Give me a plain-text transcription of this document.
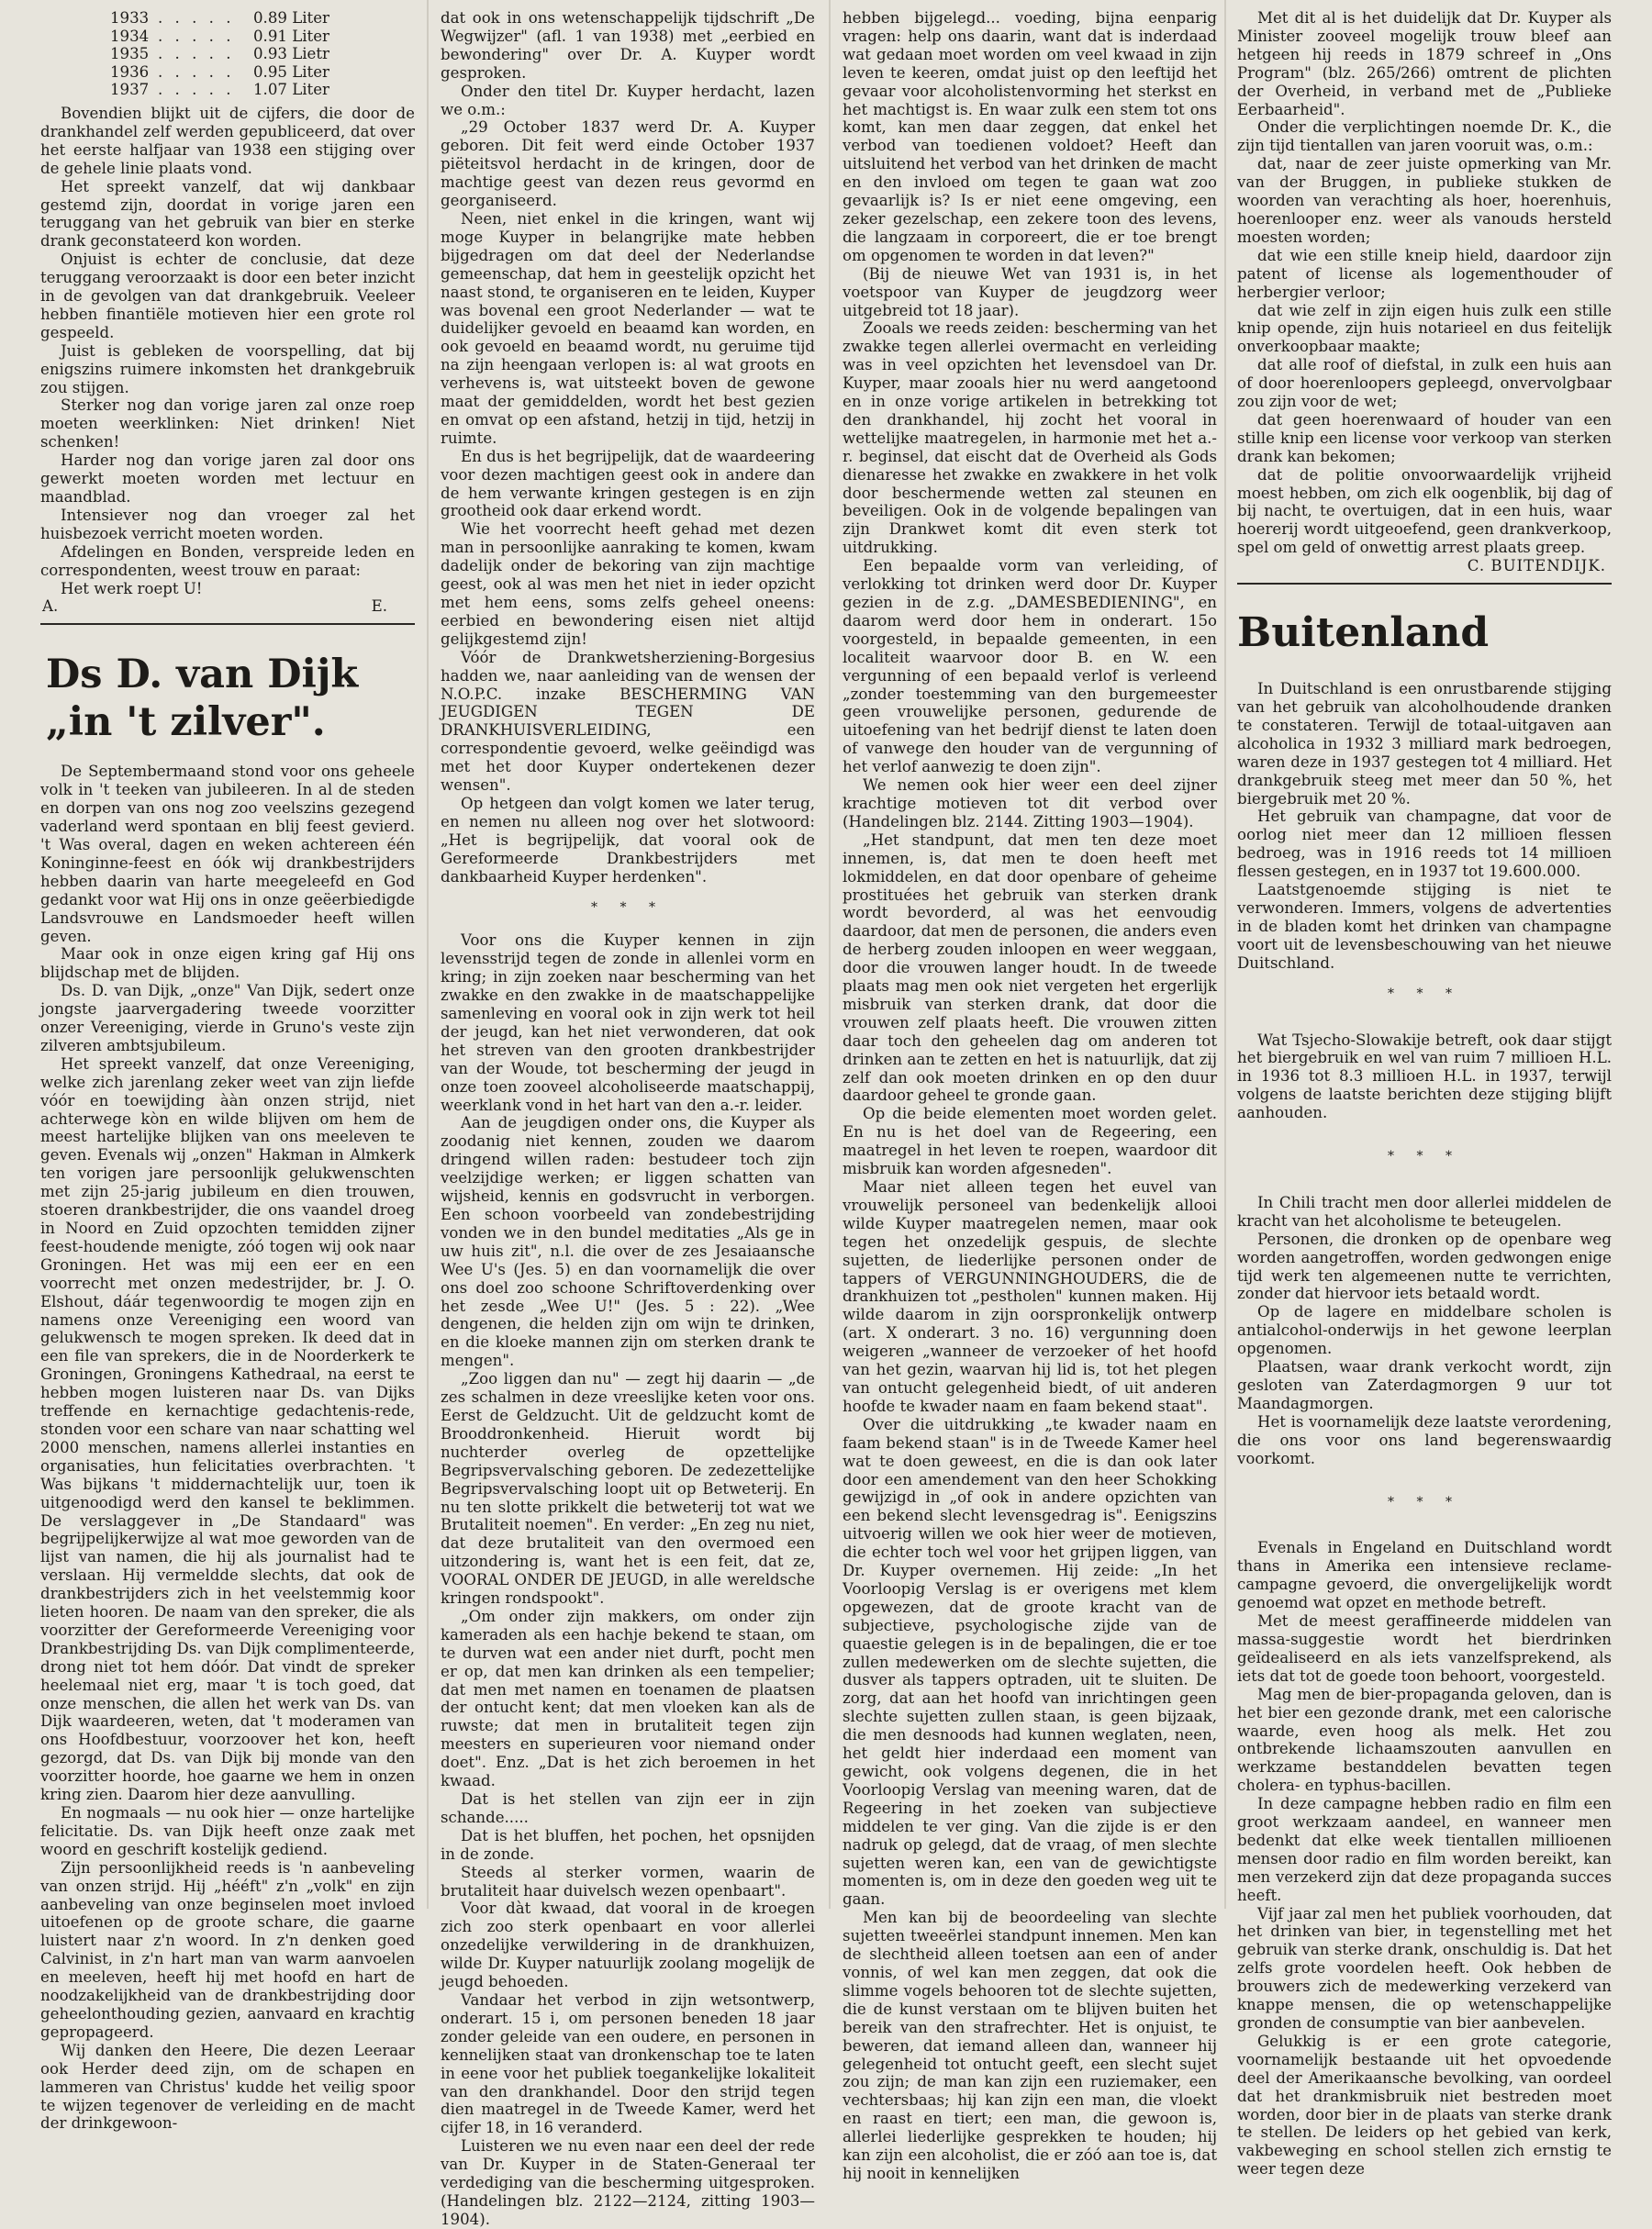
1933 . . . . .	0.89 Liter
1934 . . . . .	0.91 Liter
1935 . . . . .	0.93 Lietr
1936 . . . . .	0.95 Liter
1937 . . . . .	1.07 Liter

Bovendien blijkt uit de cijfers, die door de drankhandel zelf werden gepubliceerd, dat over het eerste halfjaar van 1938 een stijging over de gehele linie plaats vond.

Het spreekt vanzelf, dat wij dankbaar gestemd zijn, doordat in vorige jaren een teruggang van het gebruik van bier en sterke drank geconstateerd kon worden.

Onjuist is echter de conclusie, dat deze teruggang veroorzaakt is door een beter inzicht in de gevolgen van dat drankgebruik. Veeleer hebben finantiële motieven hier een grote rol gespeeld.

Juist is gebleken de voorspelling, dat bij enigszins ruimere inkomsten het drankgebruik zou stijgen.

Sterker nog dan vorige jaren zal onze roep moeten weerklinken: Niet drinken! Niet schenken!

Harder nog dan vorige jaren zal door ons gewerkt moeten worden met lectuur en maandblad.

Intensiever nog dan vroeger zal het huisbezoek verricht moeten worden.

Afdelingen en Bonden, verspreide leden en correspondenten, weest trouw en paraat:

Het werk roept U!

A.	E.
Ds D. van Dijk
„in 't zilver".

De Septembermaand stond voor ons geheele volk in 't teeken van jubileeren. In al de steden en dorpen van ons nog zoo veelszins gezegend vaderland werd spontaan en blij feest gevierd. 't Was overal, dagen en weken achtereen één Koninginne-feest en óók wij drankbestrijders hebben daarin van harte meegeleefd en God gedankt voor wat Hij ons in onze geëerbiedigde Landsvrouwe en Landsmoeder heeft willen geven.

Maar ook in onze eigen kring gaf Hij ons blijdschap met de blijden.

Ds. D. van Dijk, „onze" Van Dijk, sedert onze jongste jaarvergadering tweede voorzitter onzer Vereeniging, vierde in Gruno's veste zijn zilveren ambtsjubileum.

Het spreekt vanzelf, dat onze Vereeniging, welke zich jarenlang zeker weet van zijn liefde vóór en toewijding ààn onzen strijd, niet achterwege kòn en wilde blijven om hem de meest hartelijke blijken van ons meeleven te geven. Evenals wij „onzen" Hakman in Almkerk ten vorigen jare persoonlijk gelukwenschten met zijn 25-jarig jubileum en dien trouwen, stoeren drankbestrijder, die ons vaandel droeg in Noord en Zuid opzochten temidden zijner feest-houdende menigte, zóó togen wij ook naar Groningen. Het was mij een eer en een voorrecht met onzen medestrijder, br. J. O. Elshout, dáár tegenwoordig te mogen zijn en namens onze Vereeniging een woord van gelukwensch te mogen spreken. Ik deed dat in een file van sprekers, die in de Noorderkerk te Groningen, Groningens Kathedraal, na eerst te hebben mogen luisteren naar Ds. van Dijks treffende en kernachtige gedachtenis-rede, stonden voor een schare van naar schatting wel 2000 menschen, namens allerlei instanties en organisaties, hun felicitaties overbrachten. 't Was bijkans 't middernachtelijk uur, toen ik uitgenoodigd werd den kansel te beklimmen. De verslaggever in „De Standaard" was begrijpelijkerwijze al wat moe geworden van de lijst van namen, die hij als journalist had te verslaan. Hij vermeldde slechts, dat ook de drankbestrijders zich in het veelstemmig koor lieten hooren. De naam van den spreker, die als voorzitter der Gereformeerde Vereeniging voor Drankbestrijding Ds. van Dijk complimenteerde, drong niet tot hem dóór. Dat vindt de spreker heelemaal niet erg, maar 't is toch goed, dat onze menschen, die allen het werk van Ds. van Dijk waardeeren, weten, dat 't moderamen van ons Hoofdbestuur, voorzoover het kon, heeft gezorgd, dat Ds. van Dijk bij monde van den voorzitter hoorde, hoe gaarne we hem in onzen kring zien. Daarom hier deze aanvulling.

En nogmaals — nu ook hier — onze hartelijke felicitatie. Ds. van Dijk heeft onze zaak met woord en geschrift kostelijk gediend.

Zijn persoonlijkheid reeds is 'n aanbeveling van onzen strijd. Hij „hééft" z'n „volk" en zijn aanbeveling van onze beginselen moet invloed uitoefenen op de groote schare, die gaarne luistert naar z'n woord. In z'n denken goed Calvinist, in z'n hart man van warm aanvoelen en meeleven, heeft hij met hoofd en hart de noodzakelijkheid van de drankbestrijding door geheelonthouding gezien, aanvaard en krachtig gepropageerd.

Wij danken den Heere, Die dezen Leeraar ook Herder deed zijn, om de schapen en lammeren van Christus' kudde het veilig spoor te wijzen tegenover de verleiding en de macht der drinkgewoon-

dat ook in ons wetenschappelijk tijdschrift „De Wegwijzer" (afl. 1 van 1938) met „eerbied en bewondering" over Dr. A. Kuyper wordt gesproken.

Onder den titel Dr. Kuyper herdacht, lazen we o.m.:

„29 October 1837 werd Dr. A. Kuyper geboren. Dit feit werd einde October 1937 piëteitsvol herdacht in de kringen, door de machtige geest van dezen reus gevormd en georganiseerd.

Neen, niet enkel in die kringen, want wij moge Kuyper in belangrijke mate hebben bijgedragen om dat deel der Nederlandse gemeenschap, dat hem in geestelijk opzicht het naast stond, te organiseren en te leiden, Kuyper was bovenal een groot Nederlander — wat te duidelijker gevoeld en beaamd kan worden, en ook gevoeld en beaamd wordt, nu geruime tijd na zijn heengaan verlopen is: al wat groots en verhevens is, wat uitsteekt boven de gewone maat der gemiddelden, wordt het best gezien en omvat op een afstand, hetzij in tijd, hetzij in ruimte.

En dus is het begrijpelijk, dat de waardeering voor dezen machtigen geest ook in andere dan de hem verwante kringen gestegen is en zijn grootheid ook daar erkend wordt.

Wie het voorrecht heeft gehad met dezen man in persoonlijke aanraking te komen, kwam dadelijk onder de bekoring van zijn machtige geest, ook al was men het niet in ieder opzicht met hem eens, soms zelfs geheel oneens: eerbied en bewondering eisen niet altijd gelijkgestemd zijn!

Vóór de Drankwetsherziening-Borgesius hadden we, naar aanleiding van de wensen der N.O.P.C. inzake BESCHERMING VAN JEUGDIGEN TEGEN DE DRANKHUISVERLEIDING, een correspondentie gevoerd, welke geëindigd was met het door Kuyper ondertekenen dezer wensen".

Op hetgeen dan volgt komen we later terug, en nemen nu alleen nog over het slotwoord: „Het is begrijpelijk, dat vooral ook de Gereformeerde Drankbestrijders met dankbaarheid Kuyper herdenken".

* * *

Voor ons die Kuyper kennen in zijn levensstrijd tegen de zonde in allenlei vorm en kring; in zijn zoeken naar bescherming van het zwakke en den zwakke in de maatschappelijke samenleving en vooral ook in zijn werk tot heil der jeugd, kan het niet verwonderen, dat ook het streven van den grooten drankbestrijder van der Woude, tot bescherming der jeugd in onze toen zooveel alcoholiseerde maatschappij, weerklank vond in het hart van den a.-r. leider.

Aan de jeugdigen onder ons, die Kuyper als zoodanig niet kennen, zouden we daarom dringend willen raden: bestudeer toch zijn veelzijdige werken; er liggen schatten van wijsheid, kennis en godsvrucht in verborgen. Een schoon voorbeeld van zondebestrijding vonden we in den bundel meditaties „Als ge in uw huis zit", n.l. die over de zes Jesaiaansche Wee U's (Jes. 5) en dan voornamelijk die over ons doel zoo schoone Schriftoverdenking over het zesde „Wee U!" (Jes. 5 : 22). „Wee dengenen, die helden zijn om wijn te drinken, en die kloeke mannen zijn om sterken drank te mengen".

„Zoo liggen dan nu" — zegt hij daarin — „de zes schalmen in deze vreeslijke keten voor ons. Eerst de Geldzucht. Uit de geldzucht komt de Brooddronkenheid. Hieruit wordt bij nuchterder overleg de opzettelijke Begripsvervalsching geboren. De zedezettelijke Begripsvervalsching loopt uit op Betweterij. En nu ten slotte prikkelt die betweterij tot wat we Brutaliteit noemen". En verder: „En zeg nu niet, dat deze brutaliteit van den overmoed een uitzondering is, want het is een feit, dat ze, VOORAL ONDER DE JEUGD, in alle wereldsche kringen rondspookt".

„Om onder zijn makkers, om onder zijn kameraden als een hachje bekend te staan, om te durven wat een ander niet durft, pocht men er op, dat men kan drinken als een tempelier; dat men met namen en toenamen de plaatsen der ontucht kent; dat men vloeken kan als de ruwste; dat men in brutaliteit tegen zijn meesters en superieuren voor niemand onder doet". Enz. „Dat is het zich beroemen in het kwaad.

Dat is het stellen van zijn eer in zijn schande.....

Dat is het bluffen, het pochen, het opsnijden in de zonde.

Steeds al sterker vormen, waarin de brutaliteit haar duivelsch wezen openbaart".

Voor dàt kwaad, dat vooral in de kroegen zich zoo sterk openbaart en voor allerlei onzedelijke verwildering in de drankhuizen, wilde Dr. Kuyper natuurlijk zoolang mogelijk de jeugd behoeden.

Vandaar het verbod in zijn wetsontwerp, onderart. 15 i, om personen beneden 18 jaar zonder geleide van een oudere, en personen in kennelijken staat van dronkenschap toe te laten in eene voor het publiek toegankelijke lokaliteit van den drankhandel. Door den strijd tegen dien maatregel in de Tweede Kamer, werd het cijfer 18, in 16 veranderd.

Luisteren we nu even naar een deel der rede van Dr. Kuyper in de Staten-Generaal ter verdediging van die bescherming uitgesproken. (Handelingen blz. 2122—2124, zitting 1903—1904).

hebben bijgelegd... voeding, bijna eenparig vragen: help ons daarin, want dat is inderdaad wat gedaan moet worden om veel kwaad in zijn leven te keeren, omdat juist op den leeftijd het gevaar voor alcoholistenvorming het sterkst en het machtigst is. En waar zulk een stem tot ons komt, kan men daar zeggen, dat enkel het verbod van toedienen voldoet? Heeft dan uitsluitend het verbod van het drinken de macht en den invloed om tegen te gaan wat zoo gevaarlijk is? Is er niet eene omgeving, een zeker gezelschap, een zekere toon des levens, die langzaam in corporeert, die er toe brengt om opgenomen te worden in dat leven?"

(Bij de nieuwe Wet van 1931 is, in het voetspoor van Kuyper de jeugdzorg weer uitgebreid tot 18 jaar).

Zooals we reeds zeiden: bescherming van het zwakke tegen allerlei overmacht en verleiding was in veel opzichten het levensdoel van Dr. Kuyper, maar zooals hier nu werd aangetoond en in onze vorige artikelen in betrekking tot den drankhandel, hij zocht het vooral in wettelijke maatregelen, in harmonie met het a.-r. beginsel, dat eischt dat de Overheid als Gods dienaresse het zwakke en zwakkere in het volk door beschermende wetten zal steunen en beveiligen. Ook in de volgende bepalingen van zijn Drankwet komt dit even sterk tot uitdrukking.

Een bepaalde vorm van verleiding, of verlokking tot drinken werd door Dr. Kuyper gezien in de z.g. „DAMESBEDIENING", en daarom werd door hem in onderart. 15o voorgesteld, in bepaalde gemeenten, in een localiteit waarvoor door B. en W. een vergunning of een bepaald verlof is verleend „zonder toestemming van den burgemeester geen vrouwelijke personen, gedurende de uitoefening van het bedrijf dienst te laten doen of vanwege den houder van de vergunning of het verlof aanwezig te doen zijn".

We nemen ook hier weer een deel zijner krachtige motieven tot dit verbod over (Handelingen blz. 2144. Zitting 1903—1904).

„Het standpunt, dat men ten deze moet innemen, is, dat men te doen heeft met lokmiddelen, en dat door openbare of geheime prostituées het gebruik van sterken drank wordt bevorderd, al was het eenvoudig daardoor, dat men de personen, die anders even de herberg zouden inloopen en weer weggaan, door die vrouwen langer houdt. In de tweede plaats mag men ook niet vergeten het ergerlijk misbruik van sterken drank, dat door die vrouwen zelf plaats heeft. Die vrouwen zitten daar toch den geheelen dag om anderen tot drinken aan te zetten en het is natuurlijk, dat zij zelf dan ook moeten drinken en op den duur daardoor geheel te gronde gaan.

Op die beide elementen moet worden gelet. En nu is het doel van de Regeering, een maatregel in het leven te roepen, waardoor dit misbruik kan worden afgesneden".

Maar niet alleen tegen het euvel van vrouwelijk personeel van bedenkelijk allooi wilde Kuyper maatregelen nemen, maar ook tegen het onzedelijk gespuis, de slechte sujetten, de liederlijke personen onder de tappers of VERGUNNINGHOUDERS, die de drankhuizen tot „pestholen" kunnen maken. Hij wilde daarom in zijn oorspronkelijk ontwerp (art. X onderart. 3 no. 16) vergunning doen weigeren „wanneer de verzoeker of het hoofd van het gezin, waarvan hij lid is, tot het plegen van ontucht gelegenheid biedt, of uit anderen hoofde te kwader naam en faam bekend staat".

Over die uitdrukking „te kwader naam en faam bekend staan" is in de Tweede Kamer heel wat te doen geweest, en die is dan ook later door een amendement van den heer Schokking gewijzigd in „of ook in andere opzichten van een bekend slecht levensgedrag is". Eenigszins uitvoerig willen we ook hier weer de motieven, die echter toch wel voor het grijpen liggen, van Dr. Kuyper overnemen. Hij zeide: „In het Voorloopig Verslag is er overigens met klem opgewezen, dat de groote kracht van de subjectieve, psychologische zijde van de quaestie gelegen is in de bepalingen, die er toe zullen medewerken om de slechte sujetten, die dusver als tappers optraden, uit te sluiten. De zorg, dat aan het hoofd van inrichtingen geen slechte sujetten zullen staan, is geen bijzaak, die men desnoods had kunnen weglaten, neen, het geldt hier inderdaad een moment van gewicht, ook volgens degenen, die in het Voorloopig Verslag van meening waren, dat de Regeering in het zoeken van subjectieve middelen te ver ging. Van die zijde is er den nadruk op gelegd, dat de vraag, of men slechte sujetten weren kan, een van de gewichtigste momenten is, om in deze den goeden weg uit te gaan.

Men kan bij de beoordeeling van slechte sujetten tweeërlei standpunt innemen. Men kan de slechtheid alleen toetsen aan een of ander vonnis, of wel kan men zeggen, dat ook die slimme vogels behooren tot de slechte sujetten, die de kunst verstaan om te blijven buiten het bereik van den strafrechter. Het is onjuist, te beweren, dat iemand alleen dan, wanneer hij gelegenheid tot ontucht geeft, een slecht sujet zou zijn; de man kan zijn een ruziemaker, een vechtersbaas; hij kan zijn een man, die vloekt en raast en tiert; een man, die gewoon is, allerlei liederlijke gesprekken te houden; hij kan zijn een alcoholist, die er zóó aan toe is, dat hij nooit in kennelijken

Met dit al is het duidelijk dat Dr. Kuyper als Minister zooveel mogelijk trouw bleef aan hetgeen hij reeds in 1879 schreef in „Ons Program" (blz. 265/266) omtrent de plichten der Overheid, in verband met de „Publieke Eerbaarheid".

Onder die verplichtingen noemde Dr. K., die zijn tijd tientallen van jaren vooruit was, o.m.:

dat, naar de zeer juiste opmerking van Mr. van der Bruggen, in publieke stukken de woorden van verachting als hoer, hoerenhuis, hoerenlooper enz. weer als vanouds hersteld moesten worden;

dat wie een stille kneip hield, daardoor zijn patent of license als logementhouder of herbergier verloor;

dat wie zelf in zijn eigen huis zulk een stille knip opende, zijn huis notarieel en dus feitelijk onverkoopbaar maakte;

dat alle roof of diefstal, in zulk een huis aan of door hoerenloopers gepleegd, onvervolgbaar zou zijn voor de wet;

dat geen hoerenwaard of houder van een stille knip een license voor verkoop van sterken drank kan bekomen;

dat de politie onvoorwaardelijk vrijheid moest hebben, om zich elk oogenblik, bij dag of bij nacht, te overtuigen, dat in een huis, waar hoererij wordt uitgeoefend, geen drankverkoop, spel om geld of onwettig arrest plaats greep.

C. BUITENDIJK.
Buitenland

In Duitschland is een onrustbarende stijging van het gebruik van alcoholhoudende dranken te constateren. Terwijl de totaal-uitgaven aan alcoholica in 1932 3 milliard mark bedroegen, waren deze in 1937 gestegen tot 4 milliard. Het drankgebruik steeg met meer dan 50 %, het biergebruik met 20 %.

Het gebruik van champagne, dat voor de oorlog niet meer dan 12 millioen flessen bedroeg, was in 1916 reeds tot 14 millioen flessen gestegen, en in 1937 tot 19.600.000.

Laatstgenoemde stijging is niet te verwonderen. Immers, volgens de advertenties in de bladen komt het drinken van champagne voort uit de levensbeschouwing van het nieuwe Duitschland.

* * *

Wat Tsjecho-Slowakije betreft, ook daar stijgt het biergebruik en wel van ruim 7 millioen H.L. in 1936 tot 8.3 millioen H.L. in 1937, terwijl volgens de laatste berichten deze stijging blijft aanhouden.

* * *

In Chili tracht men door allerlei middelen de kracht van het alcoholisme te beteugelen.

Personen, die dronken op de openbare weg worden aangetroffen, worden gedwongen enige tijd werk ten algemeenen nutte te verrichten, zonder dat hiervoor iets betaald wordt.

Op de lagere en middelbare scholen is antialcohol-onderwijs in het gewone leerplan opgenomen.

Plaatsen, waar drank verkocht wordt, zijn gesloten van Zaterdagmorgen 9 uur tot Maandagmorgen.

Het is voornamelijk deze laatste verordening, die ons voor ons land begerenswaardig voorkomt.

* * *

Evenals in Engeland en Duitschland wordt thans in Amerika een intensieve reclame-campagne gevoerd, die onvergelijkelijk wordt genoemd wat opzet en methode betreft.

Met de meest geraffineerde middelen van massa-suggestie wordt het bierdrinken geïdealiseerd en als iets vanzelfsprekend, als iets dat tot de goede toon behoort, voorgesteld.

Mag men de bier-propaganda geloven, dan is het bier een gezonde drank, met een calorische waarde, even hoog als melk. Het zou ontbrekende lichaamszouten aanvullen en werkzame bestanddelen bevatten tegen cholera- en typhus-bacillen.

In deze campagne hebben radio en film een groot werkzaam aandeel, en wanneer men bedenkt dat elke week tientallen millioenen mensen door radio en film worden bereikt, kan men verzekerd zijn dat deze propaganda succes heeft.

Vijf jaar zal men het publiek voorhouden, dat het drinken van bier, in tegenstelling met het gebruik van sterke drank, onschuldig is. Dat het zelfs grote voordelen heeft. Ook hebben de brouwers zich de medewerking verzekerd van knappe mensen, die op wetenschappelijke gronden de consumptie van bier aanbevelen.

Gelukkig is er een grote categorie, voornamelijk bestaande uit het opvoedende deel der Amerikaansche bevolking, van oordeel dat het drankmisbruik niet bestreden moet worden, door bier in de plaats van sterke drank te stellen. De leiders op het gebied van kerk, vakbeweging en school stellen zich ernstig te weer tegen deze
